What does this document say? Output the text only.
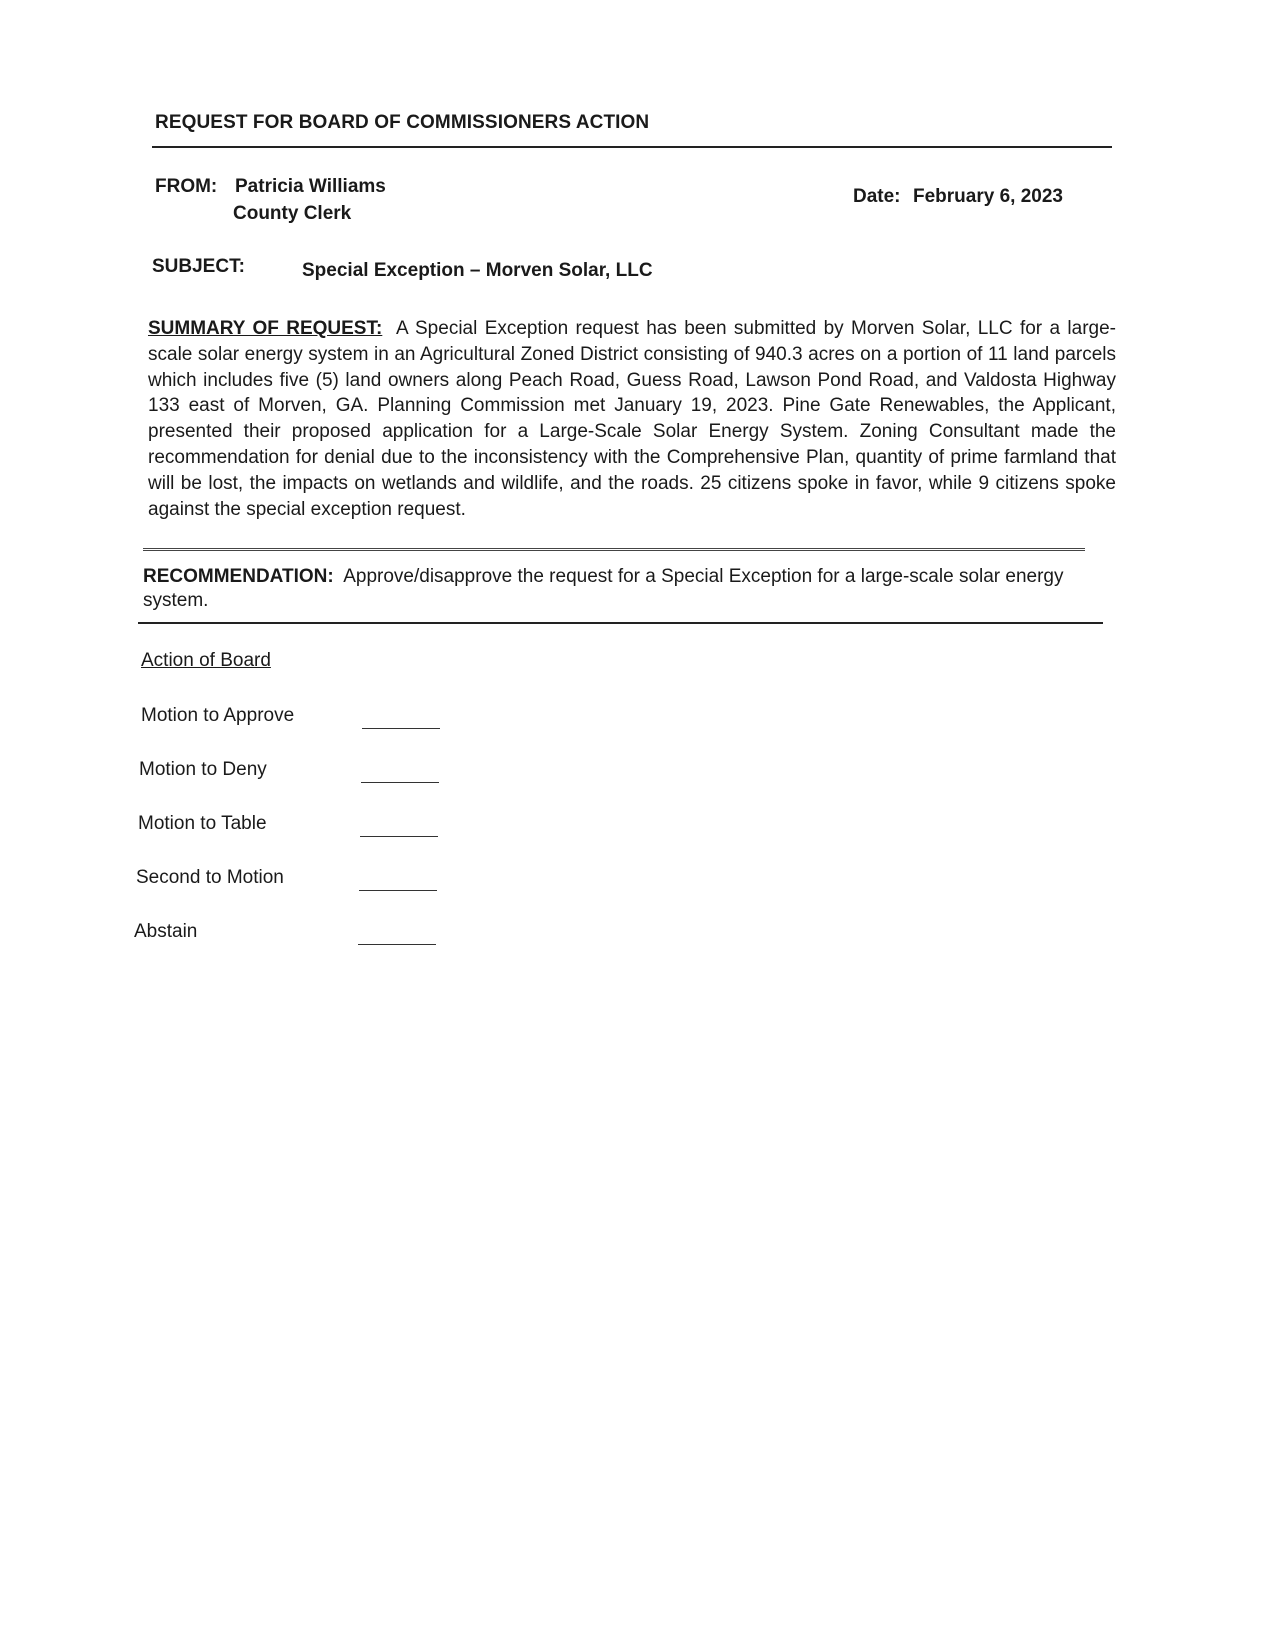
REQUEST FOR BOARD OF COMMISSIONERS ACTION
FROM: Patricia Williams
County Clerk
Date: February 6, 2023
SUBJECT:	Special Exception – Morven Solar, LLC
SUMMARY OF REQUEST: A Special Exception request has been submitted by Morven Solar, LLC for a large-scale solar energy system in an Agricultural Zoned District consisting of 940.3 acres on a portion of 11 land parcels which includes five (5) land owners along Peach Road, Guess Road, Lawson Pond Road, and Valdosta Highway 133 east of Morven, GA. Planning Commission met January 19, 2023. Pine Gate Renewables, the Applicant, presented their proposed application for a Large-Scale Solar Energy System. Zoning Consultant made the recommendation for denial due to the inconsistency with the Comprehensive Plan, quantity of prime farmland that will be lost, the impacts on wetlands and wildlife, and the roads. 25 citizens spoke in favor, while 9 citizens spoke against the special exception request.
RECOMMENDATION: Approve/disapprove the request for a Special Exception for a large-scale solar energy system.
Action of Board
Motion to Approve
Motion to Deny
Motion to Table
Second to Motion
Abstain
